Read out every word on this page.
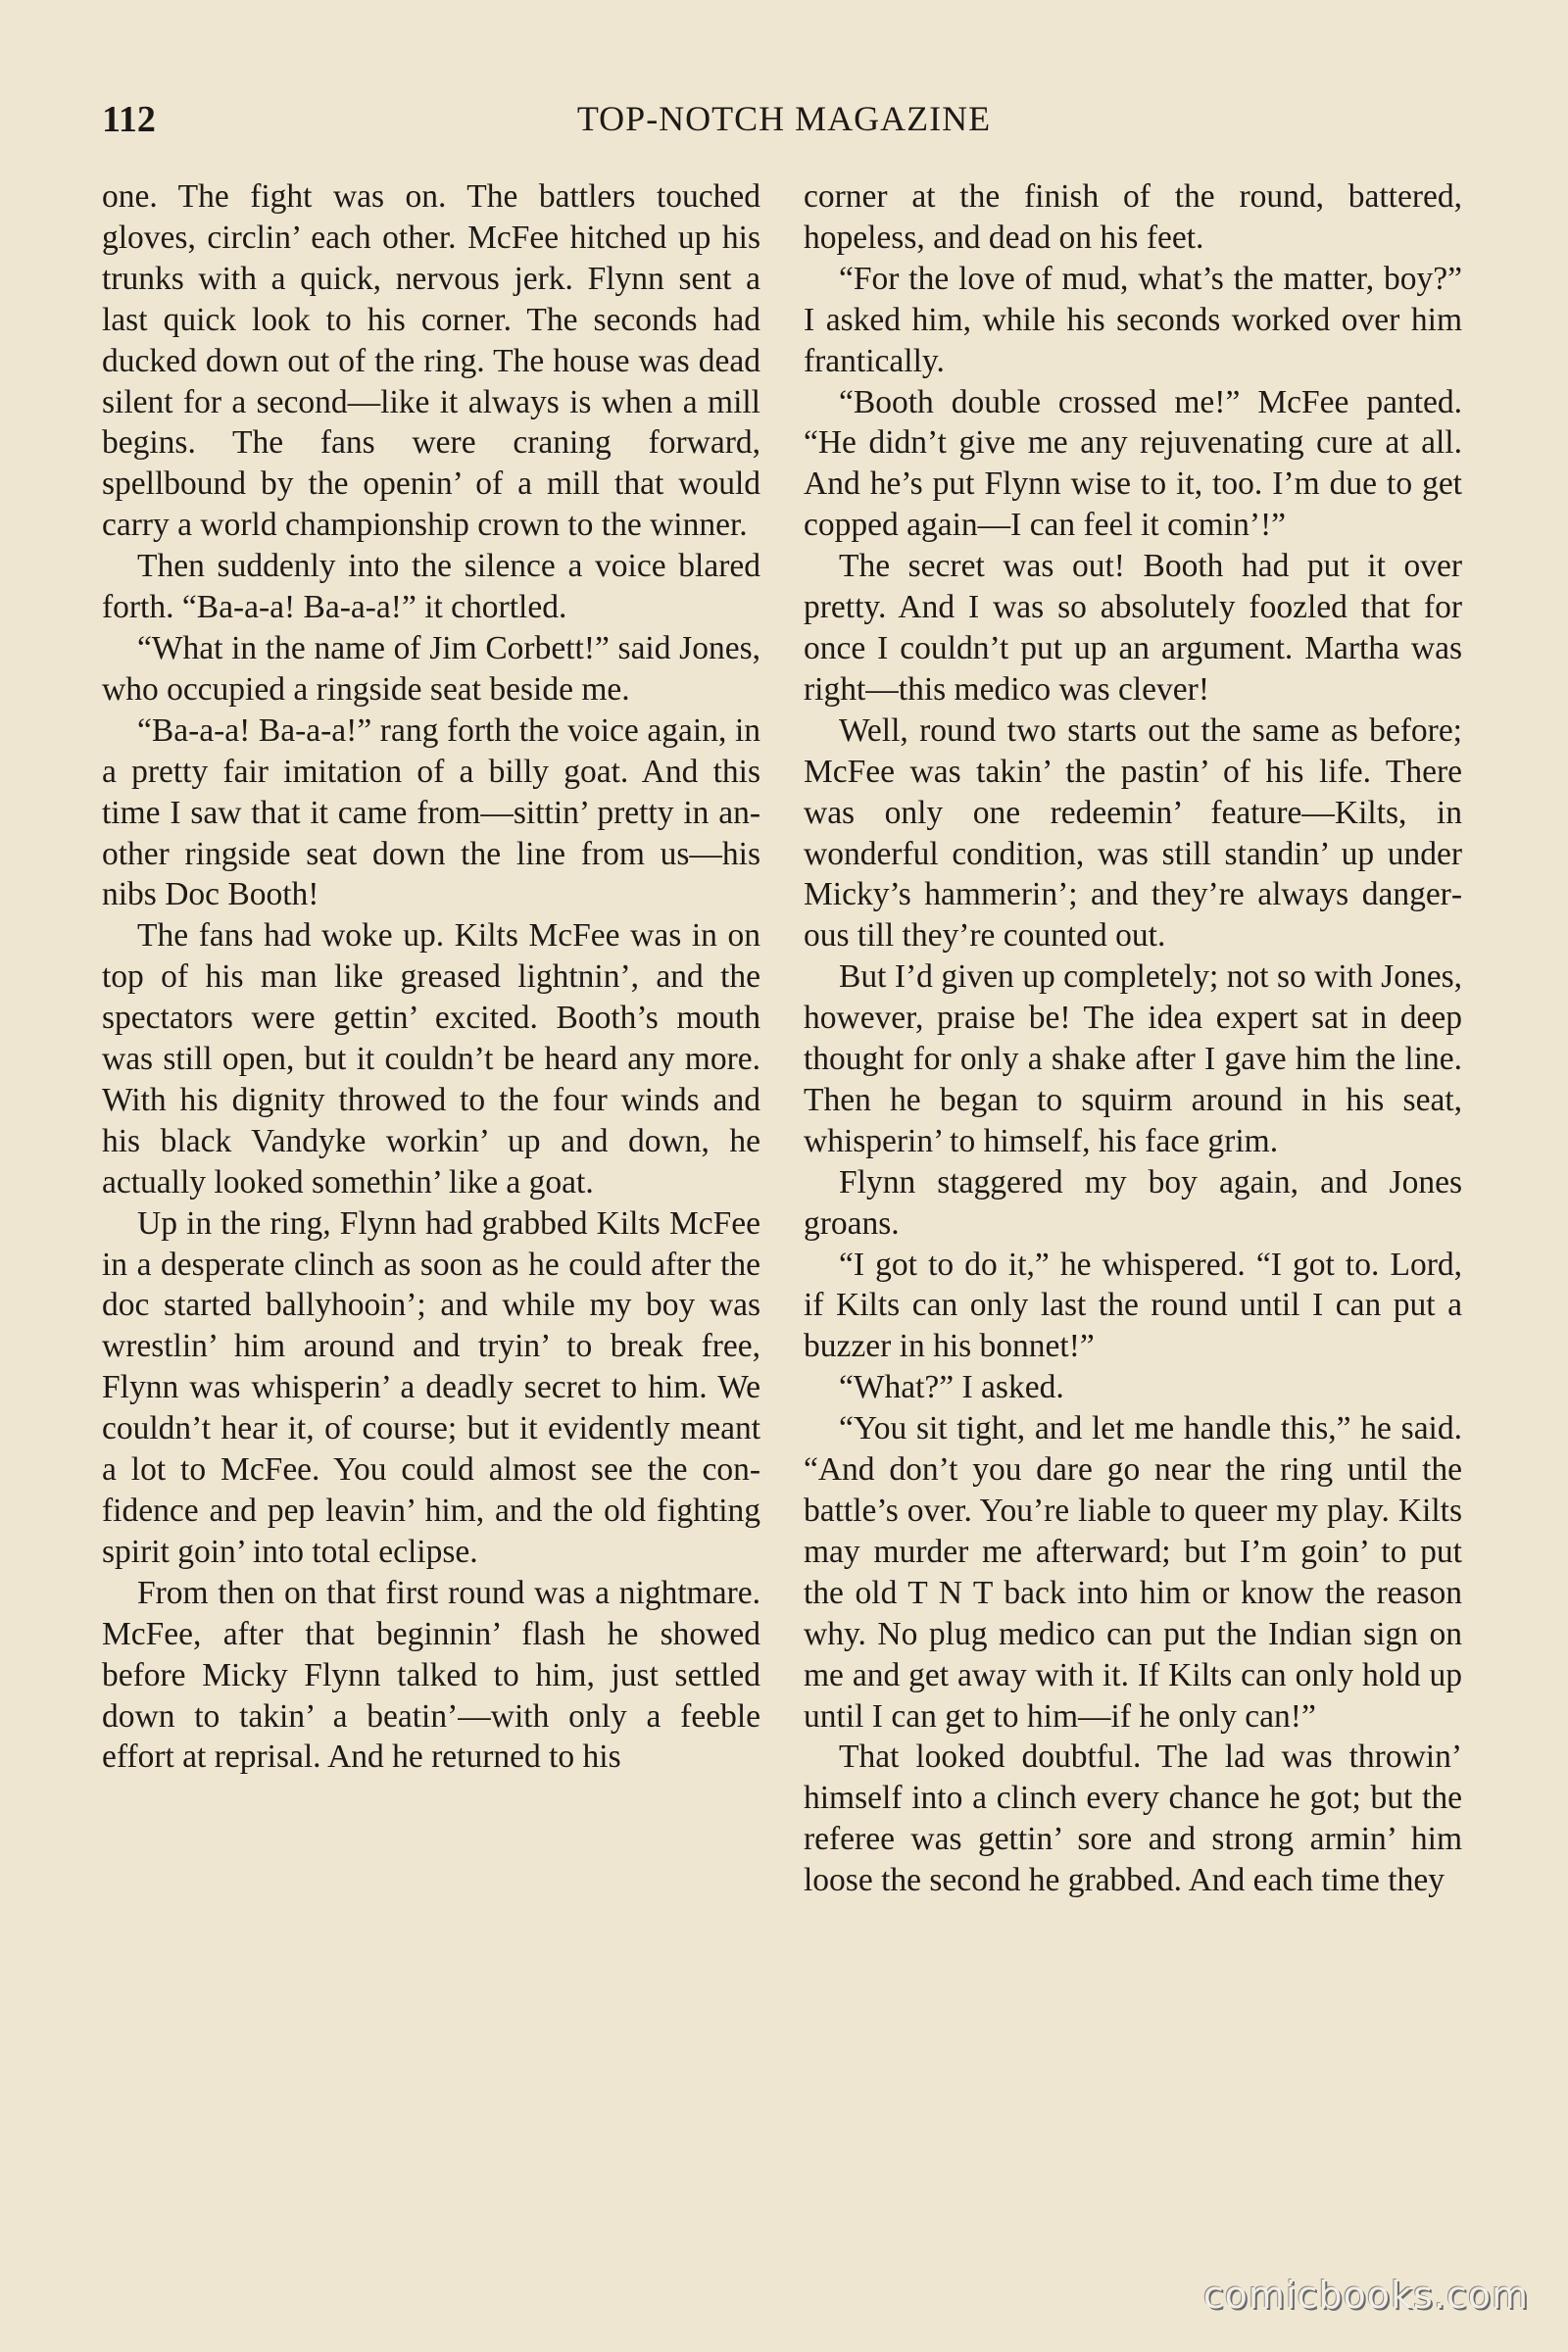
112	TOP-NOTCH MAGAZINE

one. The fight was on. The battlers touched gloves, circlin’ each other. McFee hitched up his trunks with a quick, nervous jerk. Flynn sent a last quick look to his corner. The seconds had ducked down out of the ring. The house was dead silent for a second—like it always is when a mill begins. The fans were craning forward, spellbound by the openin’ of a mill that would carry a world championship crown to the winner.

Then suddenly into the silence a voice blared forth. “Ba-a-a! Ba-a-a!” it chortled.

“What in the name of Jim Corbett!” said Jones, who occupied a ringside seat beside me.

“Ba-a-a! Ba-a-a!” rang forth the voice again, in a pretty fair imitation of a billy goat. And this time I saw that it came from—sittin’ pretty in another ringside seat down the line from us—his nibs Doc Booth!

The fans had woke up. Kilts McFee was in on top of his man like greased lightnin’, and the spectators were gettin’ excited. Booth’s mouth was still open, but it couldn’t be heard any more. With his dignity throwed to the four winds and his black Vandyke workin’ up and down, he actually looked somethin’ like a goat.

Up in the ring, Flynn had grabbed Kilts McFee in a desperate clinch as soon as he could after the doc started ballyhooin’; and while my boy was wrestlin’ him around and tryin’ to break free, Flynn was whisperin’ a deadly secret to him. We couldn’t hear it, of course; but it evidently meant a lot to McFee. You could almost see the confidence and pep leavin’ him, and the old fighting spirit goin’ into total eclipse.

From then on that first round was a nightmare. McFee, after that beginnin’ flash he showed before Micky Flynn talked to him, just settled down to takin’ a beatin’—with only a feeble effort at reprisal. And he returned to his

corner at the finish of the round, battered, hopeless, and dead on his feet.

“For the love of mud, what’s the matter, boy?” I asked him, while his seconds worked over him frantically.

“Booth double crossed me!” McFee panted. “He didn’t give me any rejuvenating cure at all. And he’s put Flynn wise to it, too. I’m due to get copped again—I can feel it comin’!”

The secret was out! Booth had put it over pretty. And I was so absolutely foozled that for once I couldn’t put up an argument. Martha was right—this medico was clever!

Well, round two starts out the same as before; McFee was takin’ the pastin’ of his life. There was only one redeemin’ feature—Kilts, in wonderful condition, was still standin’ up under Micky’s hammerin’; and they’re always dangerous till they’re counted out.

But I’d given up completely; not so with Jones, however, praise be! The idea expert sat in deep thought for only a shake after I gave him the line. Then he began to squirm around in his seat, whisperin’ to himself, his face grim.

Flynn staggered my boy again, and Jones groans.

“I got to do it,” he whispered. “I got to. Lord, if Kilts can only last the round until I can put a buzzer in his bonnet!”

“What?” I asked.

“You sit tight, and let me handle this,” he said. “And don’t you dare go near the ring until the battle’s over. You’re liable to queer my play. Kilts may murder me afterward; but I’m goin’ to put the old T N T back into him or know the reason why. No plug medico can put the Indian sign on me and get away with it. If Kilts can only hold up until I can get to him—if he only can!”

That looked doubtful. The lad was throwin’ himself into a clinch every chance he got; but the referee was gettin’ sore and strong armin’ him loose the second he grabbed. And each time they

comicbooks.com
